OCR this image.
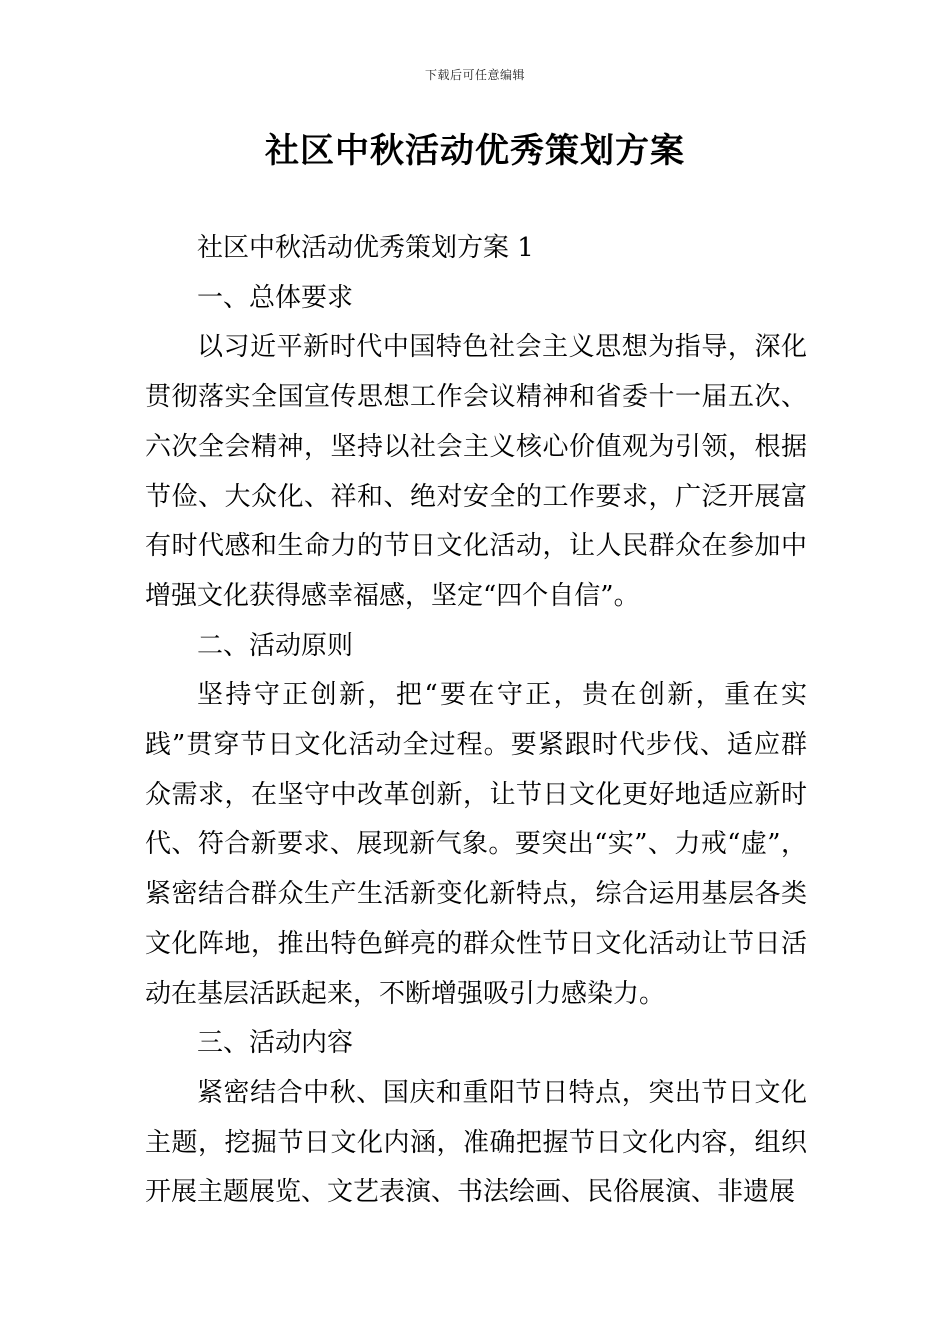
下载后可任意编辑
社区中秋活动优秀策划方案

社区中秋活动优秀策划方案 1

一、总体要求

以习近平新时代中国特色社会主义思想为指导，深化贯彻落实全国宣传思想工作会议精神和省委十一届五次、六次全会精神，坚持以社会主义核心价值观为引领，根据节俭、大众化、祥和、绝对安全的工作要求，广泛开展富有时代感和生命力的节日文化活动，让人民群众在参加中增强文化获得感幸福感，坚定“四个自信”。

二、活动原则

坚持守正创新，把“要在守正，贵在创新，重在实践”贯穿节日文化活动全过程。要紧跟时代步伐、适应群众需求，在坚守中改革创新，让节日文化更好地适应新时代、符合新要求、展现新气象。要突出“实”、力戒“虚”，紧密结合群众生产生活新变化新特点，综合运用基层各类文化阵地，推出特色鲜亮的群众性节日文化活动让节日活动在基层活跃起来，不断增强吸引力感染力。

三、活动内容

紧密结合中秋、国庆和重阳节日特点，突出节日文化主题，挖掘节日文化内涵，准确把握节日文化内容，组织开展主题展览、文艺表演、书法绘画、民俗展演、非遗展
